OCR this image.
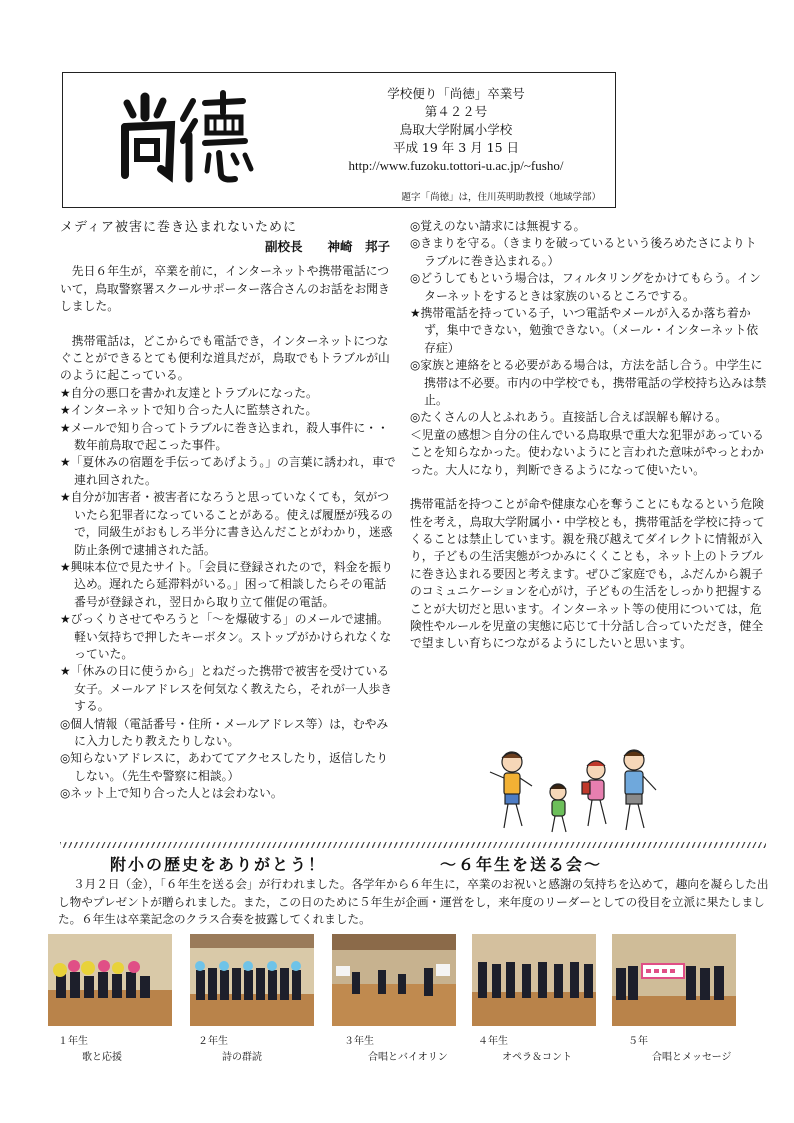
学校便り「尚徳」卒業号
第４２２号
鳥取大学附属小学校
平成 19 年 3 月 15 日
http://www.fuzoku.tottori-u.ac.jp/~fusho/
題字「尚徳」は，住川英明助教授（地域学部）
メディア被害に巻き込まれないために
副校長　　神崎　邦子

先日６年生が，卒業を前に，インターネットや携帯電話について，鳥取警察署スクールサポーター落合さんのお話をお聞きしました。

携帯電話は，どこからでも電話でき，インターネットにつなぐことができるとても便利な道具だが，鳥取でもトラブルが山のように起こっている。

★自分の悪口を書かれ友達とトラブルになった。

★インターネットで知り合った人に監禁された。

★メールで知り合ってトラブルに巻き込まれ，殺人事件に・・数年前鳥取で起こった事件。

★「夏休みの宿題を手伝ってあげよう。」の言葉に誘われ，車で連れ回された。

★自分が加害者・被害者になろうと思っていなくても，気がついたら犯罪者になっていることがある。使えば履歴が残るので，同級生がおもしろ半分に書き込んだことがわかり，迷惑防止条例で逮捕された話。

★興味本位で見たサイト。「会員に登録されたので，料金を振り込め。遅れたら延滞料がいる。」困って相談したらその電話番号が登録され，翌日から取り立て催促の電話。

★びっくりさせてやろうと「～を爆破する」のメールで逮捕。軽い気持ちで押したキーボタン。ストップがかけられなくなっていた。

★「休みの日に使うから」とねだった携帯で被害を受けている女子。メールアドレスを何気なく教えたら，それが一人歩きする。

◎個人情報（電話番号・住所・メールアドレス等）は，むやみに入力したり教えたりしない。

◎知らないアドレスに，あわててアクセスしたり，返信したりしない。（先生や警察に相談。）

◎ネット上で知り合った人とは会わない。

◎覚えのない請求には無視する。

◎きまりを守る。（きまりを破っているという後ろめたさによりトラブルに巻き込まれる。）

◎どうしてもという場合は，フィルタリングをかけてもらう。インターネットをするときは家族のいるところでする。

★携帯電話を持っている子，いつ電話やメールが入るか落ち着かず，集中できない，勉強できない。（メール・インターネット依存症）

◎家族と連絡をとる必要がある場合は，方法を話し合う。中学生に携帯は不必要。市内の中学校でも，携帯電話の学校持ち込みは禁止。

◎たくさんの人とふれあう。直接話し合えば誤解も解ける。

＜児童の感想＞自分の住んでいる鳥取県で重大な犯罪があっていることを知らなかった。使わないようにと言われた意味がやっとわかった。大人になり，判断できるようになって使いたい。

携帯電話を持つことが命や健康な心を奪うことにもなるという危険性を考え，鳥取大学附属小・中学校とも，携帯電話を学校に持ってくることは禁止しています。親を飛び越えてダイレクトに情報が入り，子どもの生活実態がつかみにくくことも，ネット上のトラブルに巻き込まれる要因と考えます。ぜひご家庭でも，ふだんから親子のコミュニケーションを心がけ，子どもの生活をしっかり把握することが大切だと思います。インターネット等の使用については，危険性やルールを児童の実態に応じて十分話し合っていただき，健全で望ましい育ちにつながるようにしたいと思います。

附小の歴史をありがとう！	～６年生を送る会～

３月２日（金），「６年生を送る会」が行われました。各学年から６年生に，卒業のお祝いと感謝の気持ちを込めて，趣向を凝らした出し物やプレゼントが贈られました。また，この日のために５年生が企画・運営をし，来年度のリーダーとしての役目を立派に果たしました。６年生は卒業記念のクラス合奏を披露してくれました。

１年生
歌と応援
２年生
詩の群読
３年生
合唱とバイオリン
４年生
オペラ＆コント
５年
合唱とメッセージ
